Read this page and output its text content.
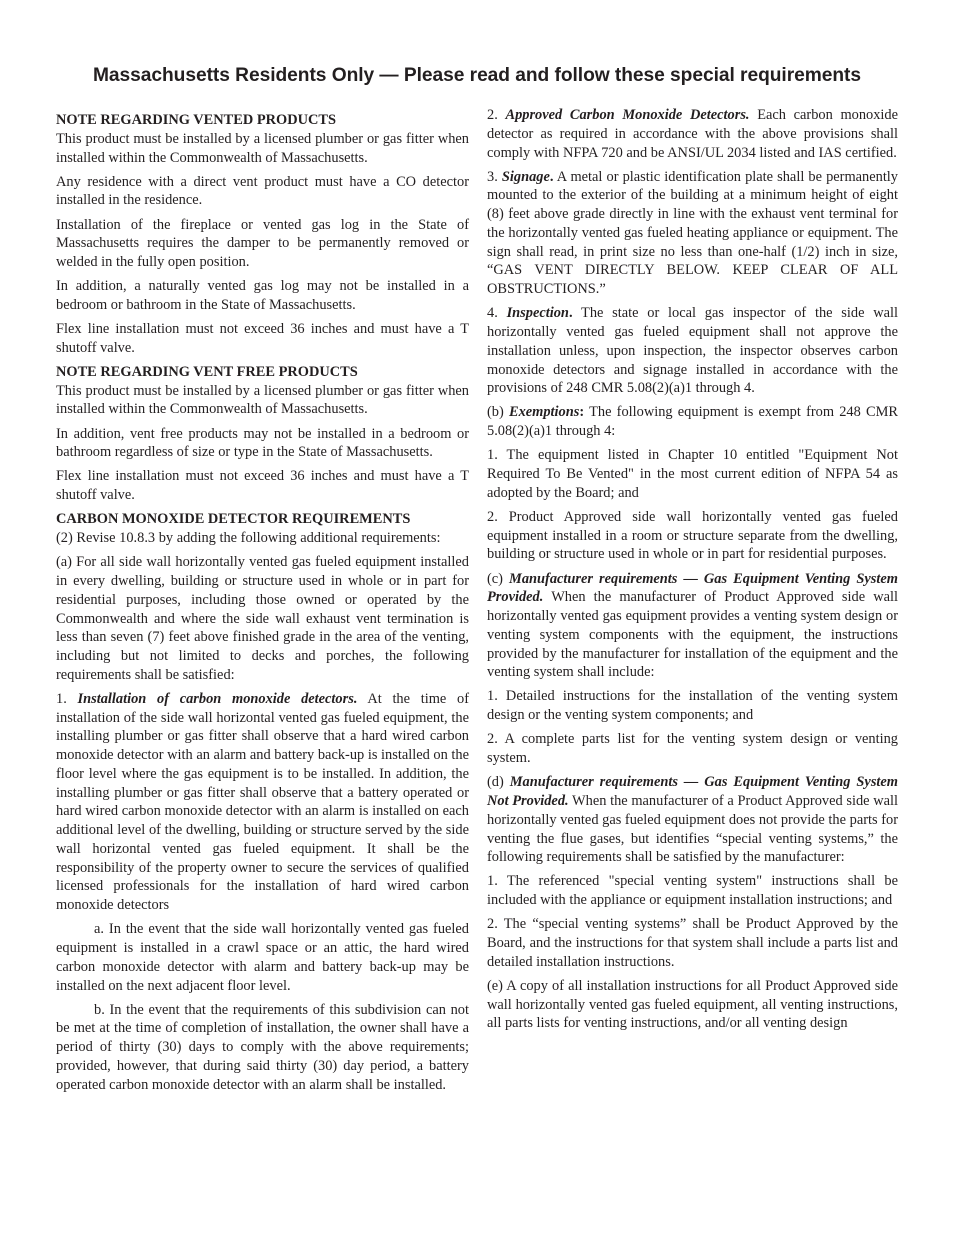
Massachusetts Residents Only — Please read and follow these special requirements
NOTE REGARDING VENTED PRODUCTS

This product must be installed by a licensed plumber or gas fitter when installed within the Commonwealth of Massachusetts.

Any residence with a direct vent product must have a CO detector installed in the residence.

Installation of the fireplace or vented gas log in the State of Massachusetts requires the damper to be permanently removed or welded in the fully open position.

In addition, a naturally vented gas log may not be installed in a bedroom or bathroom in the State of Massachusetts.

Flex line installation must not exceed 36 inches and must have a T shutoff valve.

NOTE REGARDING VENT FREE PRODUCTS

This product must be installed by a licensed plumber or gas fitter when installed within the Commonwealth of Massachusetts.

In addition, vent free products may not be installed in a bedroom or bathroom regardless of size or type in the State of Massachusetts.

Flex line installation must not exceed 36 inches and must have a T shutoff valve.

CARBON MONOXIDE DETECTOR REQUIREMENTS

(2) Revise 10.8.3 by adding the following additional requirements:

(a) For all side wall horizontally vented gas fueled equipment installed in every dwelling, building or structure used in whole or in part for residential purposes, including those owned or operated by the Commonwealth and where the side wall exhaust vent termination is less than seven (7) feet above finished grade in the area of the venting, including but not limited to decks and porches, the following requirements shall be satisfied:

1. Installation of carbon monoxide detectors. At the time of installation of the side wall horizontal vented gas fueled equipment, the installing plumber or gas fitter shall observe that a hard wired carbon monoxide detector with an alarm and battery back-up is installed on the floor level where the gas equipment is to be installed. In addition, the installing plumber or gas fitter shall observe that a battery operated or hard wired carbon monoxide detector with an alarm is installed on each additional level of the dwelling, building or structure served by the side wall horizontal vented gas fueled equipment. It shall be the responsibility of the property owner to secure the services of qualified licensed professionals for the installation of hard wired carbon monoxide detectors

a. In the event that the side wall horizontally vented gas fueled equipment is installed in a crawl space or an attic, the hard wired carbon monoxide detector with alarm and battery back-up may be installed on the next adjacent floor level.

b. In the event that the requirements of this subdivision can not be met at the time of completion of installation, the owner shall have a period of thirty (30) days to comply with the above requirements; provided, however, that during said thirty (30) day period, a battery operated carbon monoxide detector with an alarm shall be installed.

2. Approved Carbon Monoxide Detectors. Each carbon monoxide detector as required in accordance with the above provisions shall comply with NFPA 720 and be ANSI/UL 2034 listed and IAS certified.

3. Signage. A metal or plastic identification plate shall be permanently mounted to the exterior of the building at a minimum height of eight (8) feet above grade directly in line with the exhaust vent terminal for the horizontally vented gas fueled heating appliance or equipment. The sign shall read, in print size no less than one-half (1/2) inch in size, “GAS VENT DIRECTLY BELOW. KEEP CLEAR OF ALL OBSTRUCTIONS.”

4. Inspection. The state or local gas inspector of the side wall horizontally vented gas fueled equipment shall not approve the installation unless, upon inspection, the inspector observes carbon monoxide detectors and signage installed in accordance with the provisions of 248 CMR 5.08(2)(a)1 through 4.

(b) Exemptions: The following equipment is exempt from 248 CMR 5.08(2)(a)1 through 4:

1. The equipment listed in Chapter 10 entitled "Equipment Not Required To Be Vented" in the most current edition of NFPA 54 as adopted by the Board; and

2. Product Approved side wall horizontally vented gas fueled equipment installed in a room or structure separate from the dwelling, building or structure used in whole or in part for residential purposes.

(c) Manufacturer requirements — Gas Equipment Venting System Provided. When the manufacturer of Product Approved side wall horizontally vented gas equipment provides a venting system design or venting system components with the equipment, the instructions provided by the manufacturer for installation of the equipment and the venting system shall include:

1. Detailed instructions for the installation of the venting system design or the venting system components; and

2. A complete parts list for the venting system design or venting system.

(d) Manufacturer requirements — Gas Equipment Venting System Not Provided. When the manufacturer of a Product Approved side wall horizontally vented gas fueled equipment does not provide the parts for venting the flue gases, but identifies “special venting systems,” the following requirements shall be satisfied by the manufacturer:

1. The referenced "special venting system" instructions shall be included with the appliance or equipment installation instructions; and

2. The “special venting systems” shall be Product Approved by the Board, and the instructions for that system shall include a parts list and detailed installation instructions.

(e) A copy of all installation instructions for all Product Approved side wall horizontally vented gas fueled equipment, all venting instructions, all parts lists for venting instructions, and/or all venting design
